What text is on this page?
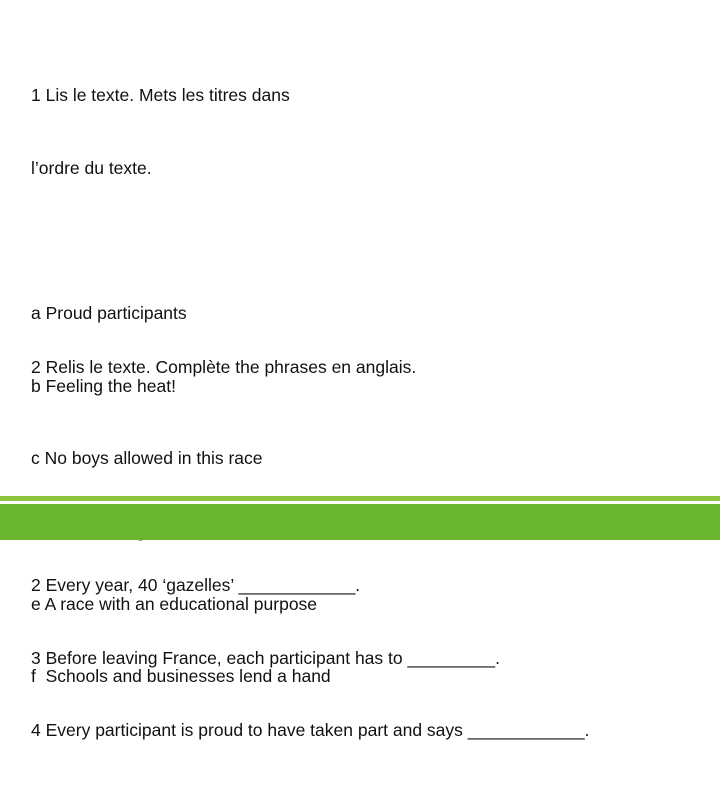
1 Lis le texte. Mets les titres dans

l’ordre du texte.

a Proud participants

b Feeling the heat!

c No boys allowed in this race

e A race with an educational purpose

f  Schools and businesses lend a hand

2 Relis le texte. Complète the phrases en anglais.

2 Every year, 40 ‘gazelles’ ____________.

3 Before leaving France, each participant has to _________.

4 Every participant is proud to have taken part and says ____________.
